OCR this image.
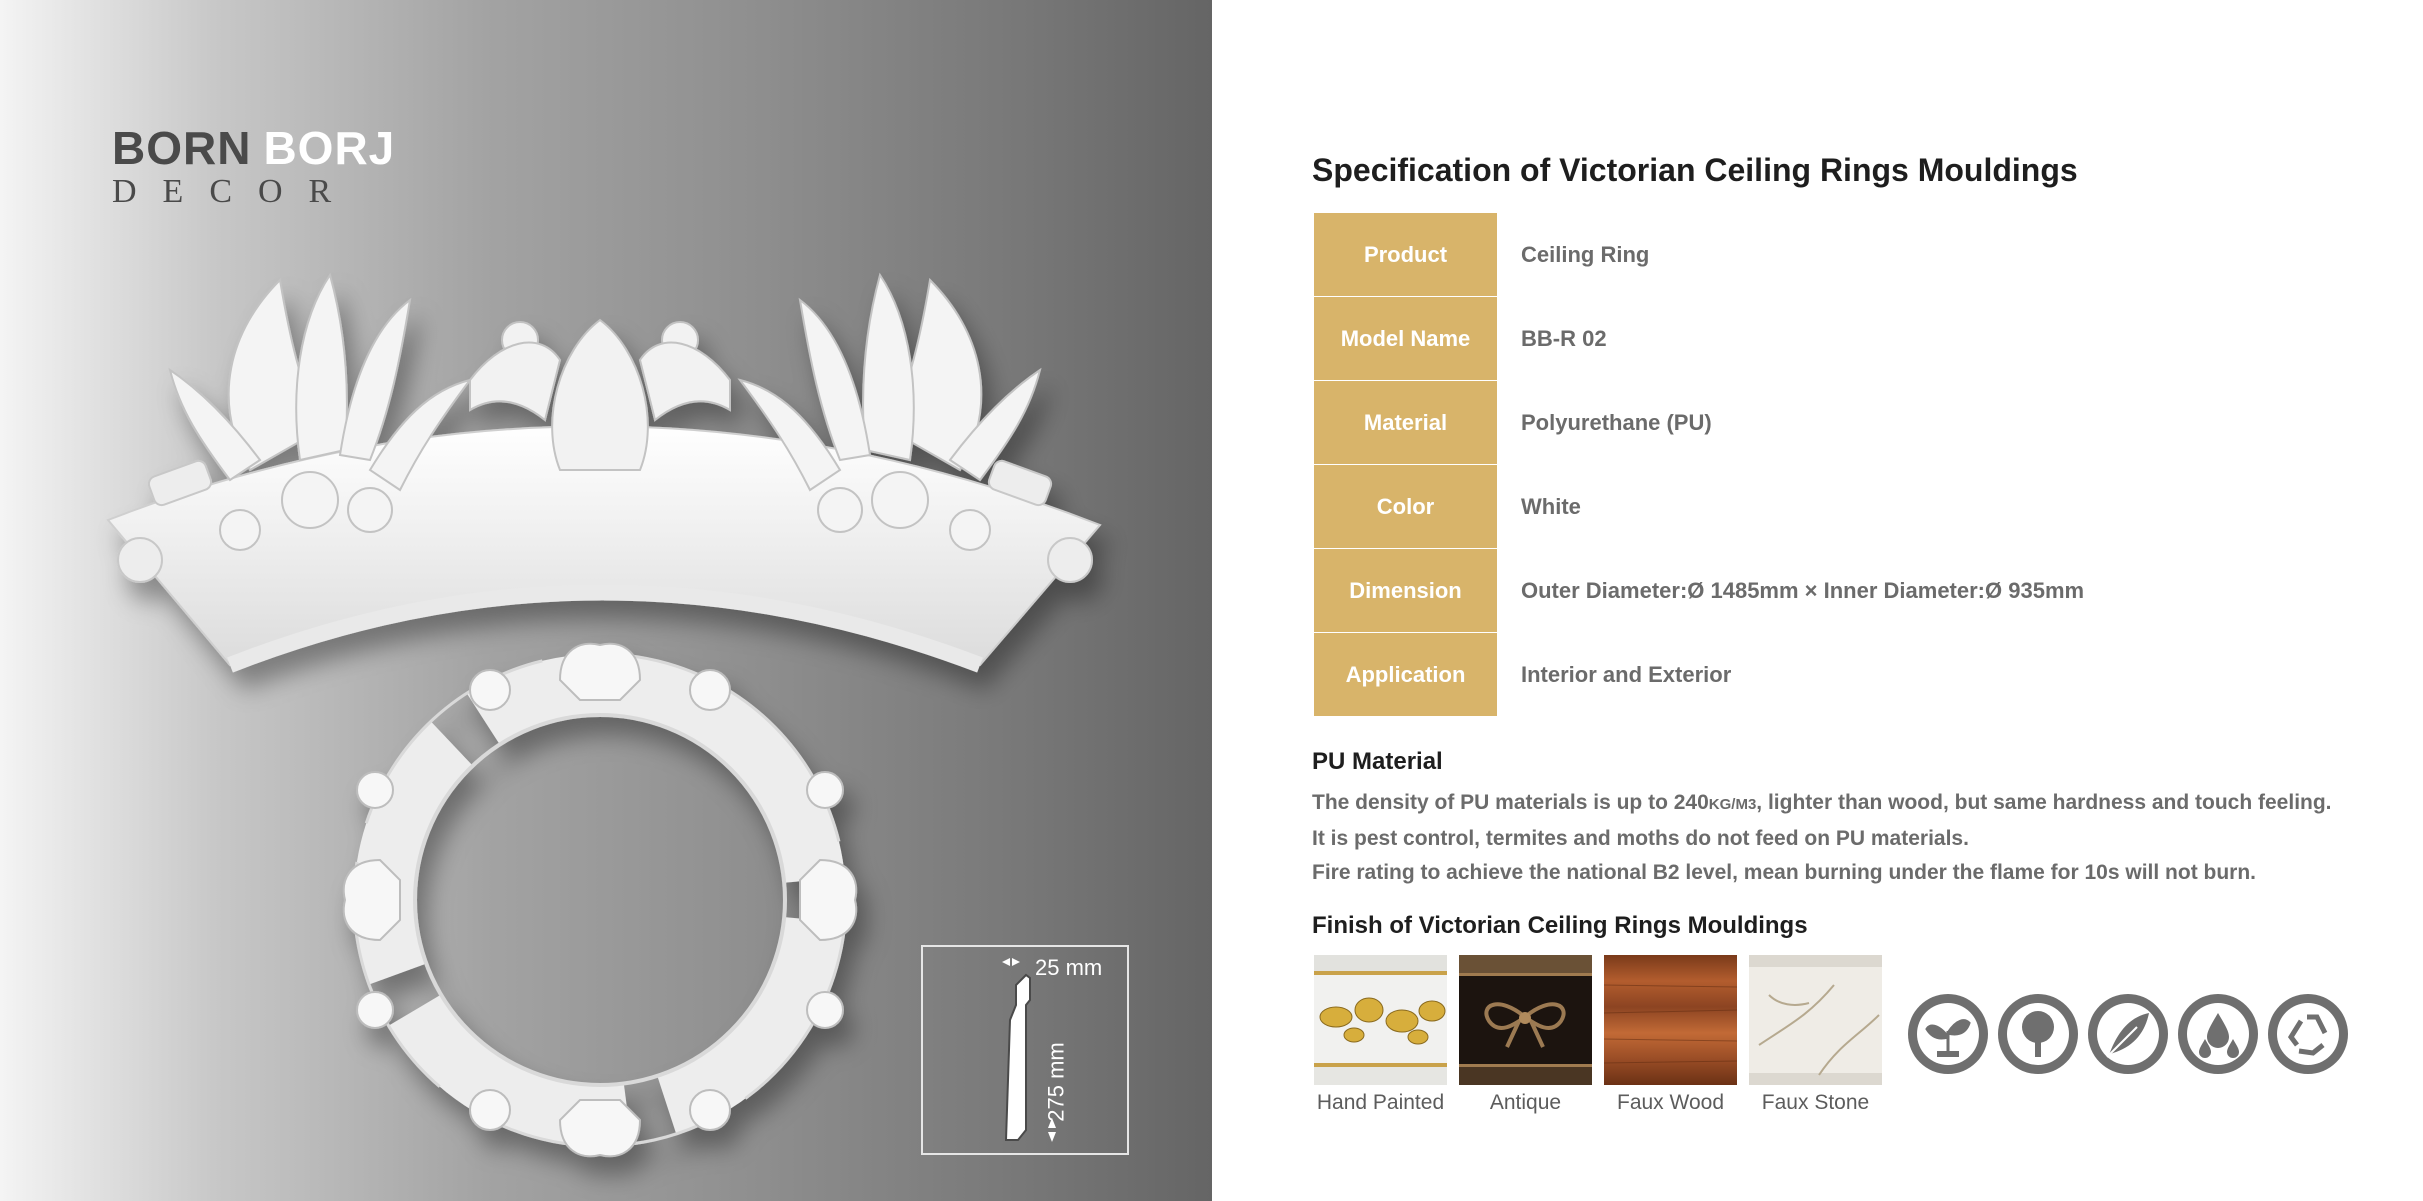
BORN BORJ
DECOR
25 mm
275 mm
Specification of Victorian Ceiling Rings Mouldings
Product	Ceiling Ring
Model Name	BB-R 02
Material	Polyurethane (PU)
Color	White
Dimension	Outer Diameter:Ø 1485mm × Inner Diameter:Ø 935mm
Application	Interior and Exterior
PU Material
The density of PU materials is up to 240KG/M3, lighter than wood, but same hardness and touch feeling.
It is pest control, termites and moths do not feed on PU materials.
Fire rating to achieve the national B2 level, mean burning under the flame for 10s will not burn.
Finish of Victorian Ceiling Rings Mouldings
Hand Painted Antique	Faux Wood Faux Stone
